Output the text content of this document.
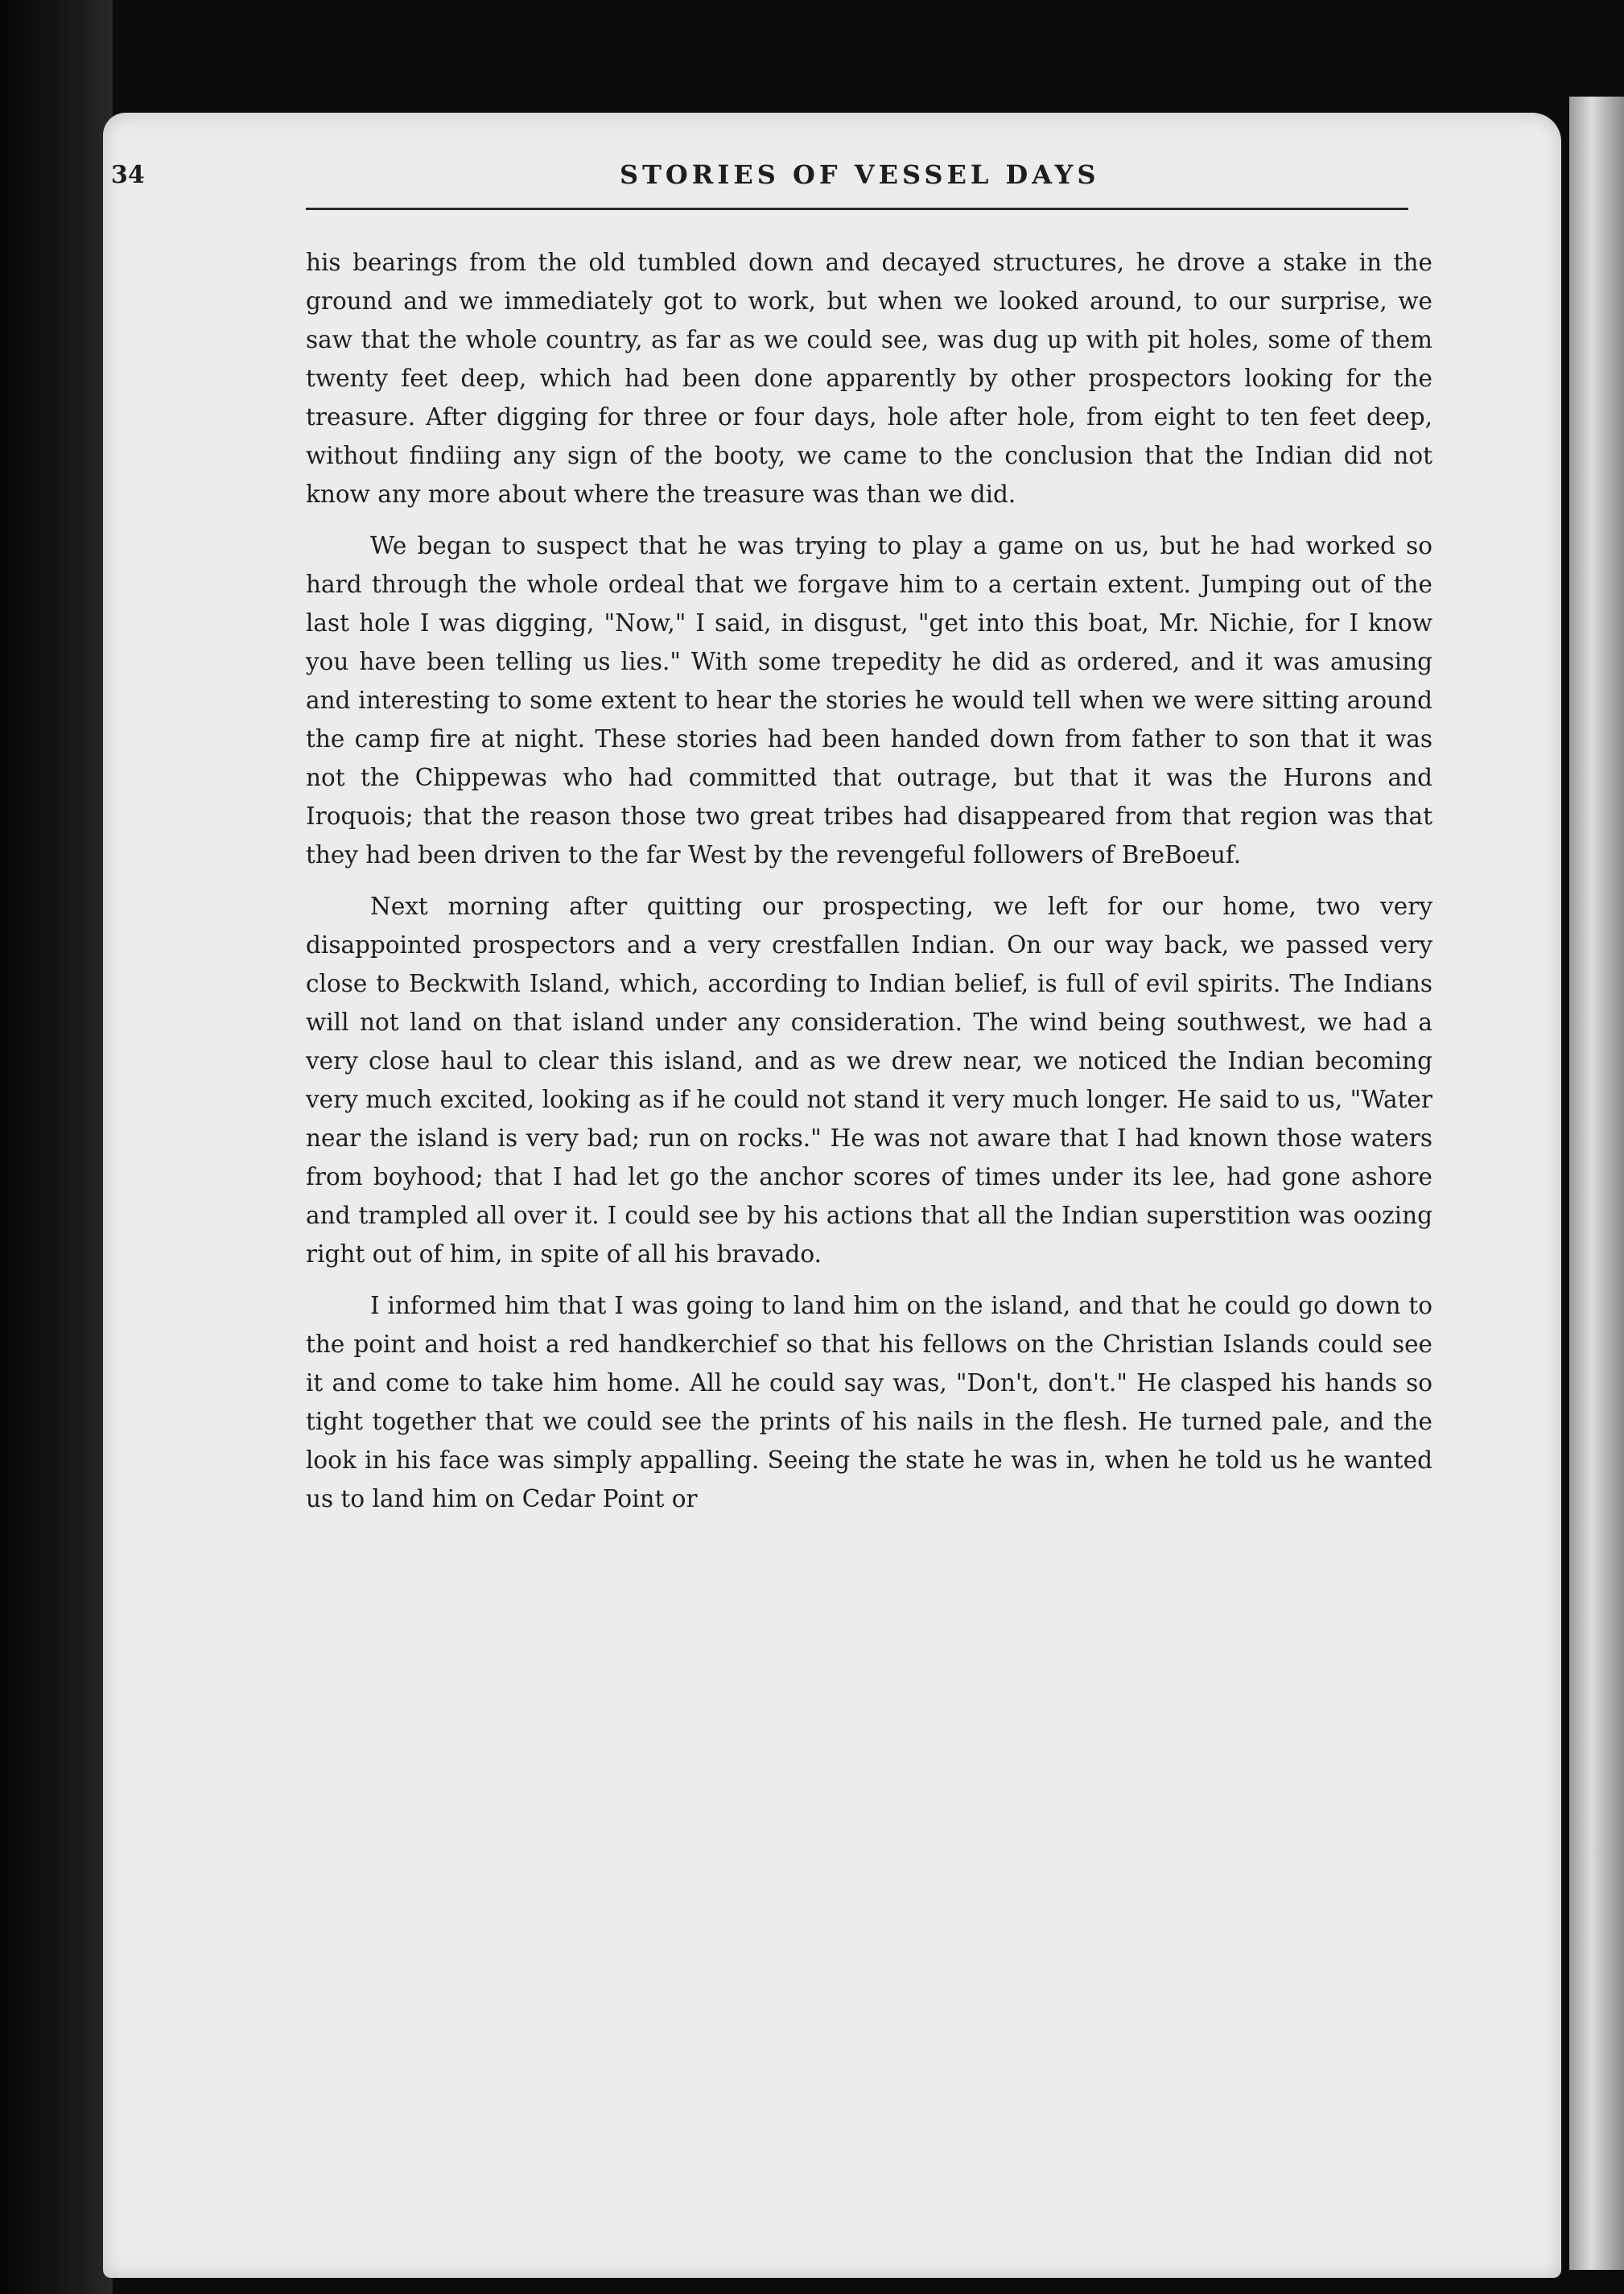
34	STORIES OF VESSEL DAYS

his bearings from the old tumbled down and decayed structures, he drove a stake in the ground and we immediately got to work, but when we looked around, to our surprise, we saw that the whole country, as far as we could see, was dug up with pit holes, some of them twenty feet deep, which had been done apparently by other prospectors looking for the treasure. After digging for three or four days, hole after hole, from eight to ten feet deep, without findiing any sign of the booty, we came to the conclusion that the Indian did not know any more about where the treasure was than we did.

We began to suspect that he was trying to play a game on us, but he had worked so hard through the whole ordeal that we forgave him to a certain extent. Jumping out of the last hole I was digging, "Now," I said, in disgust, "get into this boat, Mr. Nichie, for I know you have been telling us lies." With some trepedity he did as ordered, and it was amusing and interesting to some extent to hear the stories he would tell when we were sitting around the camp fire at night. These stories had been handed down from father to son that it was not the Chippewas who had committed that outrage, but that it was the Hurons and Iroquois; that the reason those two great tribes had disappeared from that region was that they had been driven to the far West by the revengeful followers of BreBoeuf.

Next morning after quitting our prospecting, we left for our home, two very disappointed prospectors and a very crestfallen Indian. On our way back, we passed very close to Beckwith Island, which, according to Indian belief, is full of evil spirits. The Indians will not land on that island under any consideration. The wind being southwest, we had a very close haul to clear this island, and as we drew near, we noticed the Indian becoming very much excited, looking as if he could not stand it very much longer. He said to us, "Water near the island is very bad; run on rocks." He was not aware that I had known those waters from boyhood; that I had let go the anchor scores of times under its lee, had gone ashore and trampled all over it. I could see by his actions that all the Indian superstition was oozing right out of him, in spite of all his bravado.

I informed him that I was going to land him on the island, and that he could go down to the point and hoist a red handkerchief so that his fellows on the Christian Islands could see it and come to take him home. All he could say was, "Don't, don't." He clasped his hands so tight together that we could see the prints of his nails in the flesh. He turned pale, and the look in his face was simply appalling. Seeing the state he was in, when he told us he wanted us to land him on Cedar Point or
